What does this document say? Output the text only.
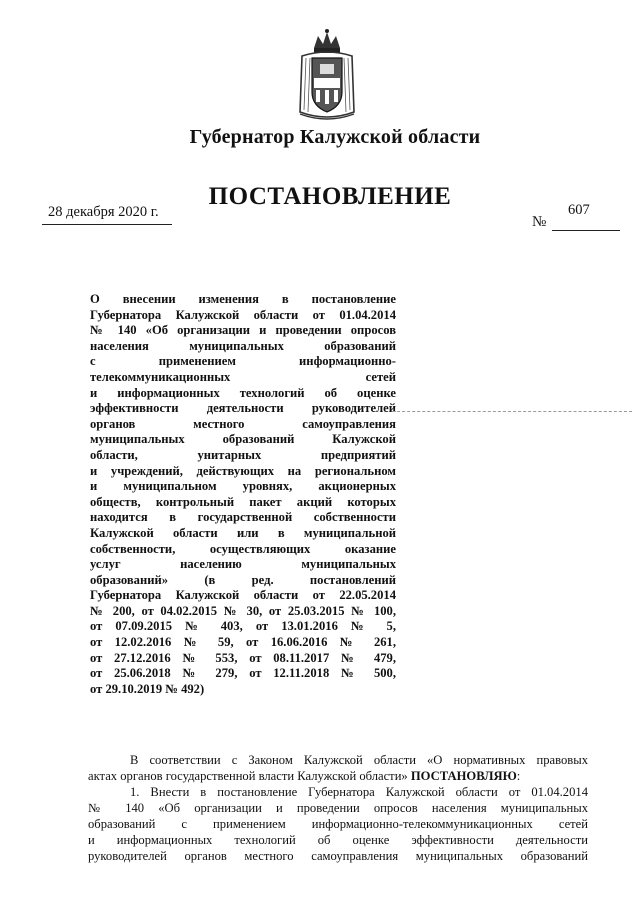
Губернатор Калужской области
ПОСТАНОВЛЕНИЕ
28 декабря 2020 г.
№
607
О внесении изменения в постановление
Губернатора Калужской области от 01.04.2014
№ 140 «Об организации и проведении опросов
населения муниципальных образований
с применением информационно-
телекоммуникационных сетей
и информационных технологий об оценке
эффективности деятельности руководителей
органов местного самоуправления
муниципальных образований Калужской
области, унитарных предприятий
и учреждений, действующих на региональном
и муниципальном уровнях, акционерных
обществ, контрольный пакет акций которых
находится в государственной собственности
Калужской области или в муниципальной
собственности, осуществляющих оказание
услуг населению муниципальных
образований» (в ред. постановлений
Губернатора Калужской области от 22.05.2014
№ 200, от 04.02.2015 № 30, от 25.03.2015 № 100,
от 07.09.2015 № 403, от 13.01.2016 № 5,
от 12.02.2016 № 59, от 16.06.2016 № 261,
от 27.12.2016 № 553, от 08.11.2017 № 479,
от 25.06.2018 № 279, от 12.11.2018 № 500,
от 29.10.2019 № 492)
В соответствии с Законом Калужской области «О нормативных правовых
актах органов государственной власти Калужской области» ПОСТАНОВЛЯЮ:
1. Внести в постановление Губернатора Калужской области от 01.04.2014
№ 140 «Об организации и проведении опросов населения муниципальных
образований с применением информационно-телекоммуникационных сетей
и информационных технологий об оценке эффективности деятельности
руководителей органов местного самоуправления муниципальных образований
